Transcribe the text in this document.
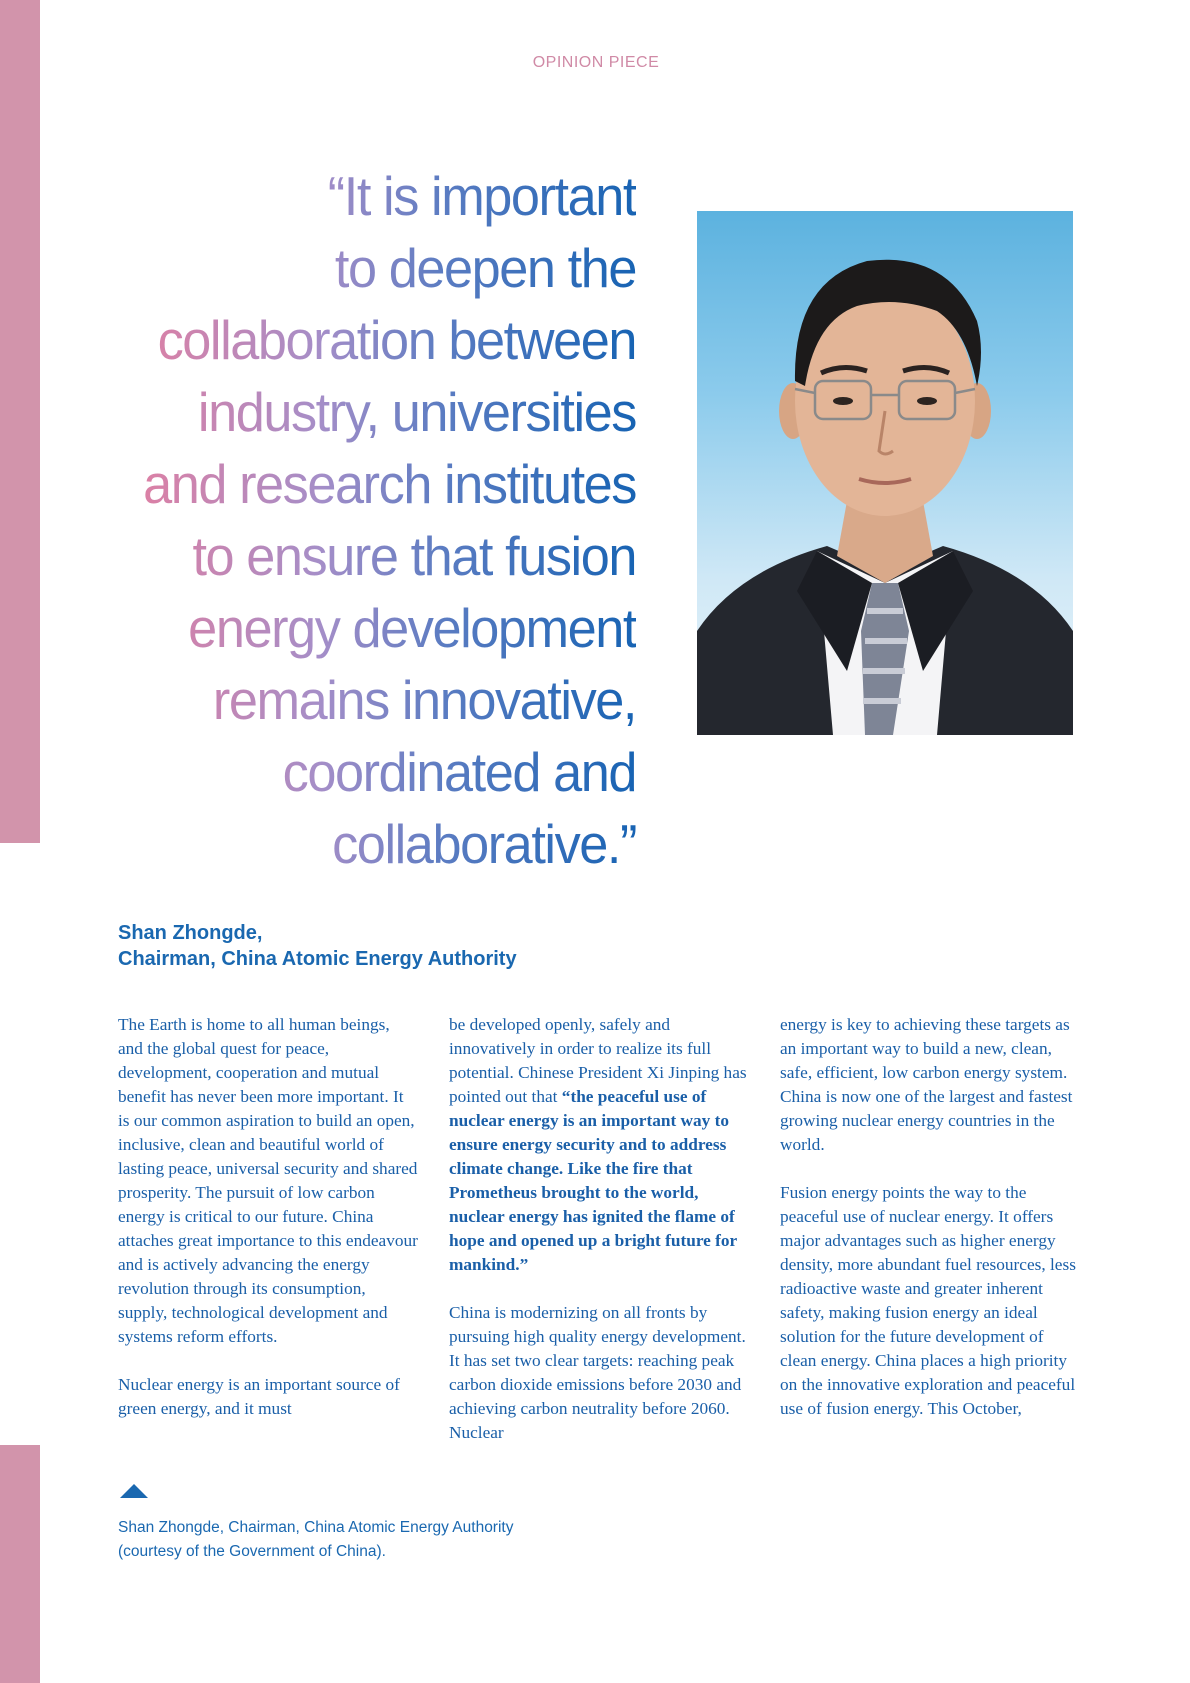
OPINION PIECE
“It is important
to deepen the
collaboration between
industry, universities
and research institutes
to ensure that fusion
energy development
remains innovative,
coordinated and
collaborative.”
Shan Zhongde,
Chairman, China Atomic Energy Authority

The Earth is home to all human beings, and the global quest for peace, development, cooperation and mutual benefit has never been more important. It is our common aspiration to build an open, inclusive, clean and beautiful world of lasting peace, universal security and shared prosperity. The pursuit of low carbon energy is critical to our future. China attaches great importance to this endeavour and is actively advancing the energy revolution through its consumption, supply, technological development and systems reform efforts.

Nuclear energy is an important source of green energy, and it must

be developed openly, safely and innovatively in order to realize its full potential. Chinese President Xi Jinping has pointed out that “the peaceful use of nuclear energy is an important way to ensure energy security and to address climate change. Like the fire that Prometheus brought to the world, nuclear energy has ignited the flame of hope and opened up a bright future for mankind.”

China is modernizing on all fronts by pursuing high quality energy development. It has set two clear targets: reaching peak carbon dioxide emissions before 2030 and achieving carbon neutrality before 2060. Nuclear

energy is key to achieving these targets as an important way to build a new, clean, safe, efficient, low carbon energy system. China is now one of the largest and fastest growing nuclear energy countries in the world.

Fusion energy points the way to the peaceful use of nuclear energy. It offers major advantages such as higher energy density, more abundant fuel resources, less radioactive waste and greater inherent safety, making fusion energy an ideal solution for the future development of clean energy. China places a high priority on the innovative exploration and peaceful use of fusion energy. This October,

Shan Zhongde, Chairman, China Atomic Energy Authority
(courtesy of the Government of China).
